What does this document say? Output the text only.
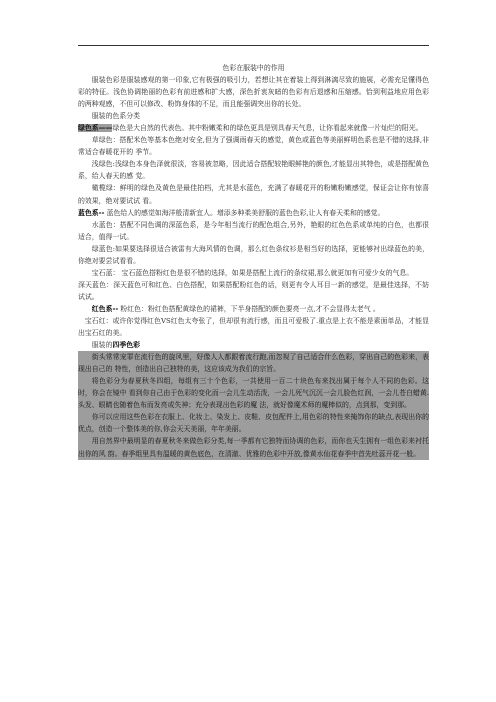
色彩在服装中的作用

服装色彩是服装感观的第一印象,它有极强的吸引力，若想让其在着装上得到淋漓尽致的施展，必需充足懂得色彩的特征。浅色协调艳丽的色彩有前进感和扩大感，深色折衷灰暗的色彩有后退感和压缩感。恰到利益地应用色彩的两种观感，不但可以修改、粉饰身体的不足，而且能强调突出你的长处。

服装的色系分类

绿色系——绿色是大自然的代表色。其中粉嫩柔和的绿色更具是别具春天气息，让你看起来就像一片灿烂的阳光。

草绿色：搭配米色等基本色绝对安全,但为了强调雨春天的感觉，黄色或蓝色等美丽鲜明色系也是不错的选择,非常适合春暖花开的 季节。

浅绿色:浅绿色本身色泽就很淡，容易被忽略，因此适合搭配较艳眼鲜艳的颜色,才能显出其特色，或是搭配黄色系，给人春天的感 觉。

橄榄绿：鲜明的绿色及黄色是最佳拍档，尤其是水蓝色，充满了春暖花开的粉嫩粉嫩感觉，保证会让你有惊喜的效果，绝对要试试 看。

蓝色系-- 蓝色给人的感觉如海洋般清新宜人。增添多种柔美舒服的蓝色色彩,让人有春天柔和的感觉。

水蓝色：搭配不同色调的深蓝色系，是今年相当流行的配色组合,另外，艳眼的红色色系或单纯的白色，也都很适合，值得一试。

绿蓝色:如果要选择很适合被雷有大海风情的色调，那么红色条纹衫是相当好的选择，更能够衬出绿蓝色的美，你绝对要尝试看看。

宝石蓝： 宝石蓝色搭粉红色是很不错的选择，如果是搭配上流行的条纹裙,那么就更加有可爱少女的气息。

深天蓝色：深天蓝色可和红色、白色搭配，如果搭配粉红色的话，则更有令人耳目一新的感觉，是最佳选择，不妨试试。

红色系-- 粉红色：粉红色搭配黄绿色的裙裤，下半身搭配的颜色要亮一点,才不会显得太老气 。

宝石红：或许你觉得红色VS红色太夸张了，但却很有流行感，而且可爱极了.重点是上衣不能是素面单品，才能显出宝石红的美。

服装的四季色彩

街头常常宠罪在流行色的旋风里，好像人人都跟着流行跑,而忽视了自己适合什么色彩，穿出自己的色彩来，表现出自己的 特性，创造出自己独特的美，这应该成为我们的宗旨。

将色彩分为春夏秋冬四组，每组有三十个色彩，一共使用一百二十块色布来找出属于每个人不同的色彩。这时，你会在镜中 看到你自己由于色彩的变化而一会儿生动活泼，一会儿死气沉沉一会儿脸色红润，一会儿苍白蜡黄.头发、眼睛也随着色布而发亮或失神；充分表现出色彩的魔 法，就好像魔术师的魔棒似的，点到那，变到那。

你可以应用这些色彩在衣服上、化妆上、染发上、皮鞋、皮包配件上,用色彩的特性来掩饰你的缺点,表现出你的优点，创造一个整体美的你,你会天天美丽，年年美丽。

用自然界中最明显的春夏秋冬来做色彩分类,每一季都有它独特而协调的色彩，而你也天生拥有一组色彩来衬托出你的风 韵。春季组里具有温暖的黄色底色，在清澈、优雅的色彩中开放,像黄水仙花春季中首先吐蕊开花一般。
